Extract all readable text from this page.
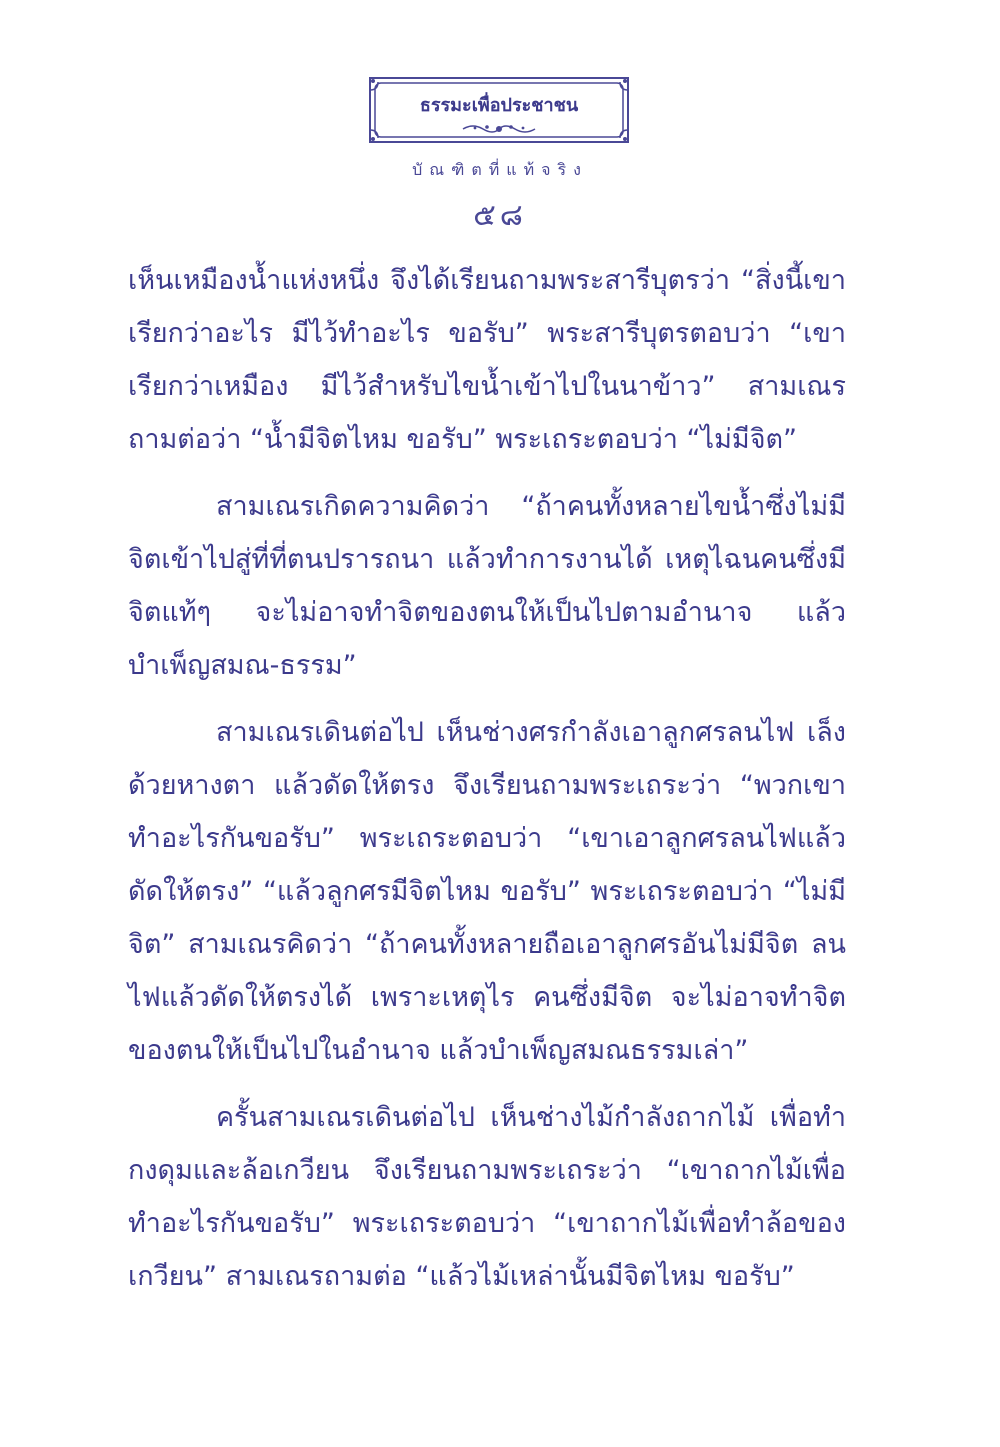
ธรรมะเพื่อประชาชน
บัณฑิตที่แท้จริง
๕๘

เห็นเหมืองน้ำแห่งหนึ่ง จึงได้เรียนถามพระสารีบุตรว่า “สิ่งนี้เขาเรียกว่าอะไร มีไว้ทำอะไร ขอรับ” พระสารีบุตรตอบว่า “เขาเรียกว่าเหมือง มีไว้สำหรับไขน้ำเข้าไปในนาข้าว” สามเณรถามต่อว่า “น้ำมีจิตไหม ขอรับ” พระเถระตอบว่า “ไม่มีจิต”

สามเณรเกิดความคิดว่า “ถ้าคนทั้งหลายไขน้ำซึ่งไม่มีจิตเข้าไปสู่ที่ที่ตนปรารถนา แล้วทำการงานได้ เหตุไฉนคนซึ่งมีจิตแท้ๆ จะไม่อาจทำจิตของตนให้เป็นไปตามอำนาจ แล้วบำเพ็ญสมณ-ธรรม”

สามเณรเดินต่อไป เห็นช่างศรกำลังเอาลูกศรลนไฟ เล็งด้วยหางตา แล้วดัดให้ตรง จึงเรียนถามพระเถระว่า “พวกเขาทำอะไรกันขอรับ” พระเถระตอบว่า “เขาเอาลูกศรลนไฟแล้วดัดให้ตรง” “แล้วลูกศรมีจิตไหม ขอรับ” พระเถระตอบว่า “ไม่มีจิต” สามเณรคิดว่า “ถ้าคนทั้งหลายถือเอาลูกศรอันไม่มีจิต ลนไฟแล้วดัดให้ตรงได้ เพราะเหตุไร คนซึ่งมีจิต จะไม่อาจทำจิตของตนให้เป็นไปในอำนาจ แล้วบำเพ็ญสมณธรรมเล่า”

ครั้นสามเณรเดินต่อไป เห็นช่างไม้กำลังถากไม้ เพื่อทำกงดุมและล้อเกวียน จึงเรียนถามพระเถระว่า “เขาถากไม้เพื่อทำอะไรกันขอรับ” พระเถระตอบว่า “เขาถากไม้เพื่อทำล้อของเกวียน” สามเณรถามต่อ “แล้วไม้เหล่านั้นมีจิตไหม ขอรับ”
